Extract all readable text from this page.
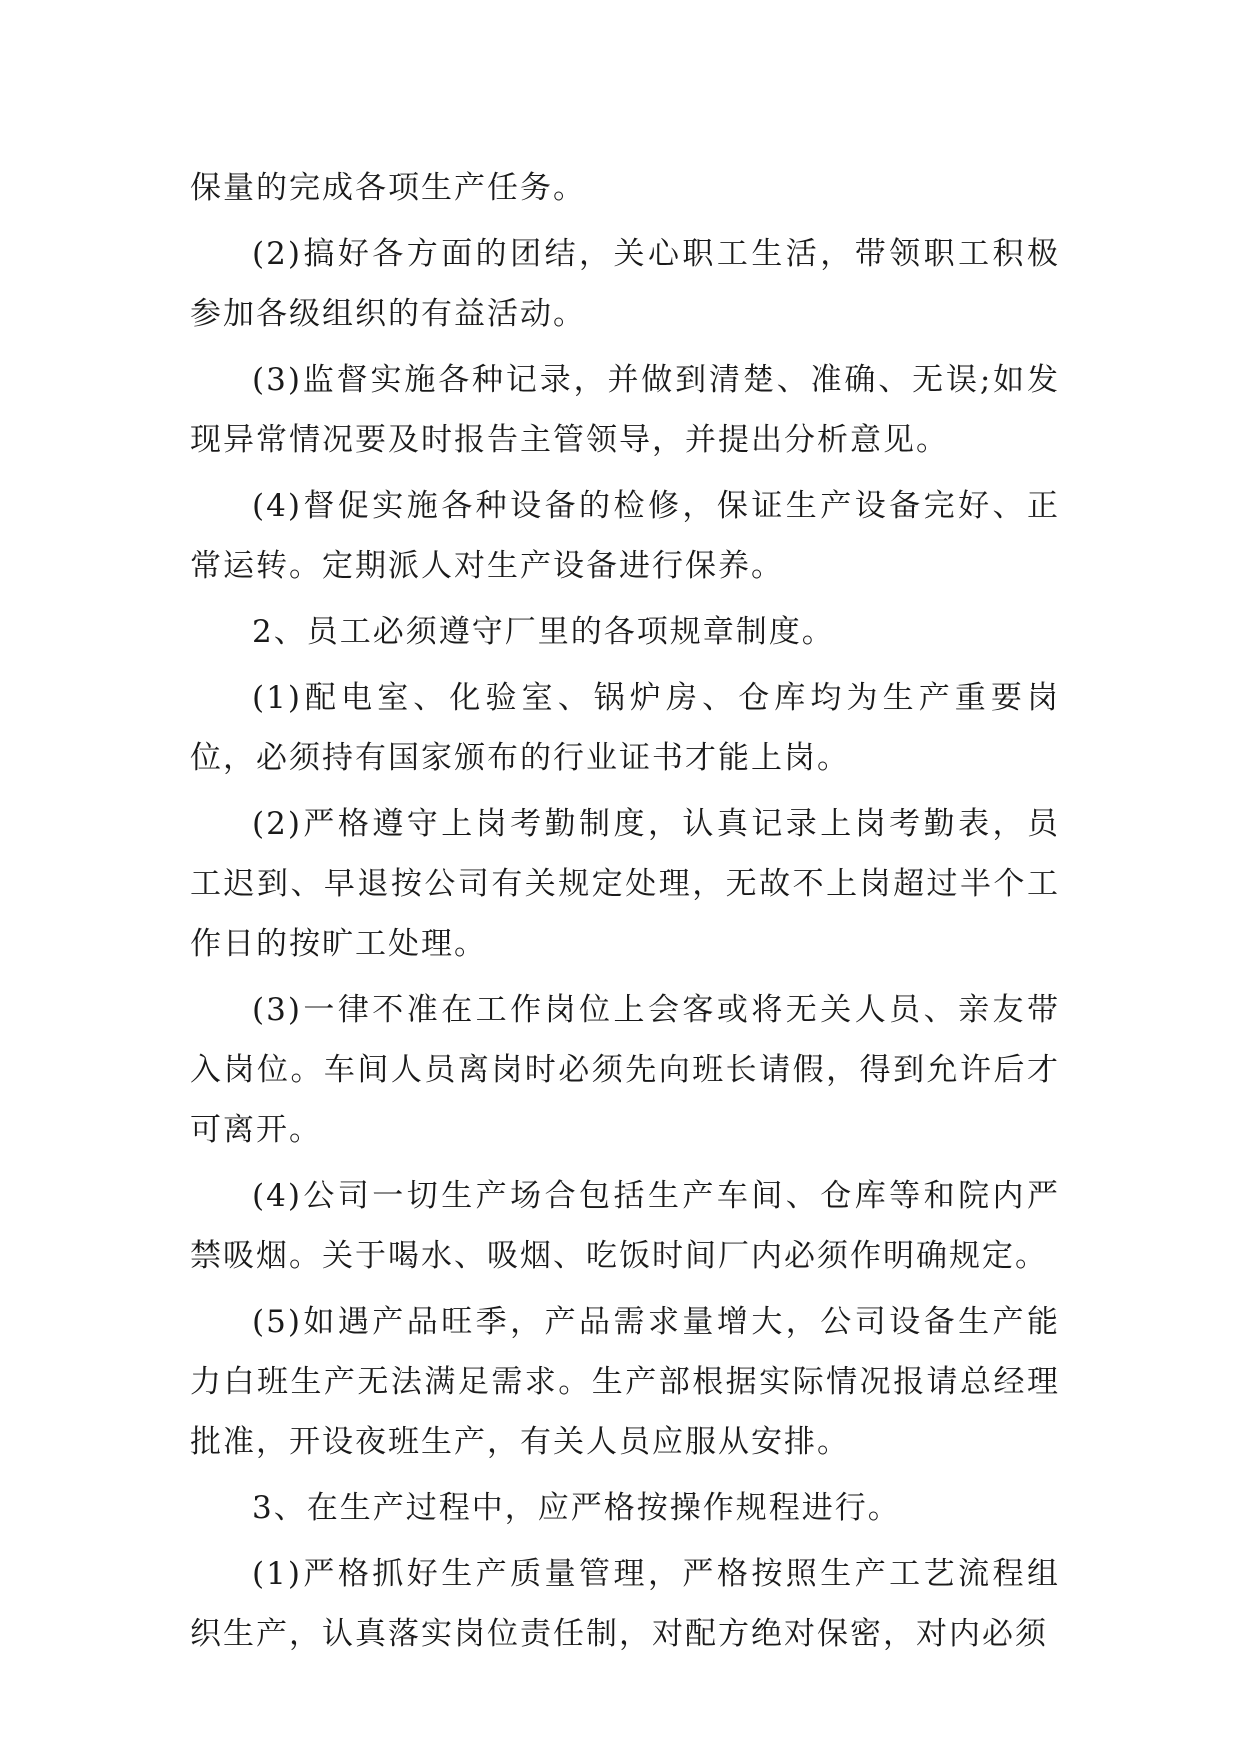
保量的完成各项生产任务。

(2)搞好各方面的团结，关心职工生活，带领职工积极参加各级组织的有益活动。

(3)监督实施各种记录，并做到清楚、准确、无误;如发现异常情况要及时报告主管领导，并提出分析意见。

(4)督促实施各种设备的检修，保证生产设备完好、正常运转。定期派人对生产设备进行保养。

2、员工必须遵守厂里的各项规章制度。

(1)配电室、化验室、锅炉房、仓库均为生产重要岗位，必须持有国家颁布的行业证书才能上岗。

(2)严格遵守上岗考勤制度，认真记录上岗考勤表，员工迟到、早退按公司有关规定处理，无故不上岗超过半个工作日的按旷工处理。

(3)一律不准在工作岗位上会客或将无关人员、亲友带入岗位。车间人员离岗时必须先向班长请假，得到允许后才可离开。

(4)公司一切生产场合包括生产车间、仓库等和院内严禁吸烟。关于喝水、吸烟、吃饭时间厂内必须作明确规定。

(5)如遇产品旺季，产品需求量增大，公司设备生产能力白班生产无法满足需求。生产部根据实际情况报请总经理批准，开设夜班生产，有关人员应服从安排。

3、在生产过程中，应严格按操作规程进行。

(1)严格抓好生产质量管理，严格按照生产工艺流程组织生产，认真落实岗位责任制，对配方绝对保密，对内必须
